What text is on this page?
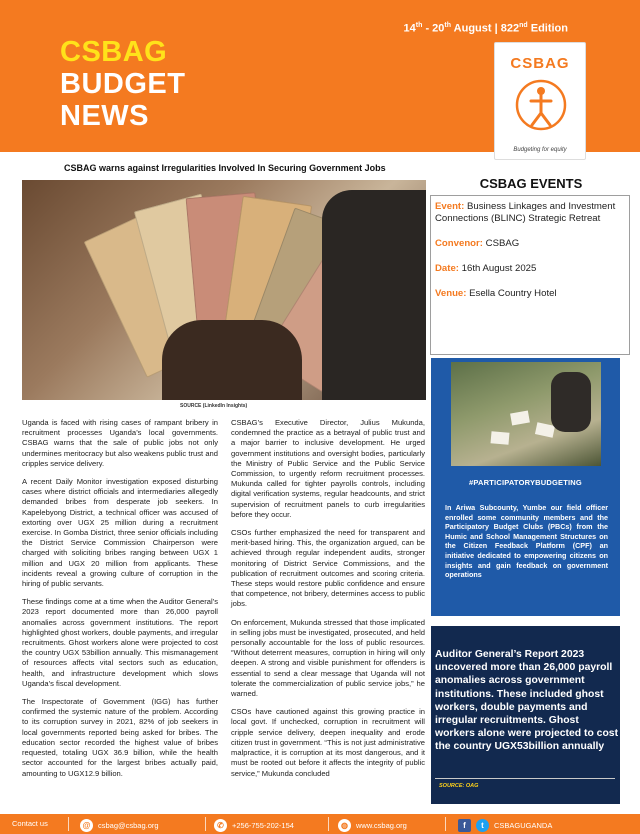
14th - 20th August | 822nd Edition
CSBAG
BUDGET
NEWS
CSBAG
Budgeting for equity
CSBAG warns against Irregularities Involved In Securing Government Jobs
SOURCE (LinkedIn Insights)

Uganda is faced with rising cases of rampant bribery in recruitment processes Uganda’s local governments. CSBAG warns that the sale of public jobs not only undermines meritocracy but also weakens public trust and cripples service delivery.

A recent Daily Monitor investigation exposed disturbing cases where district officials and intermediaries allegedly demanded bribes from desperate job seekers. In Kapelebyong District, a technical officer was accused of extorting over UGX 25 million during a recruitment exercise. In Gomba District, three senior officials including the District Service Commission Chairperson were charged with soliciting bribes ranging between UGX 1 million and UGX 20 million from applicants. These incidents reveal a growing culture of corruption in the hiring of public servants.

These findings come at a time when the Auditor General’s 2023 report documented more than 26,000 payroll anomalies across government institutions. The report highlighted ghost workers, double payments, and irregular recruitments. Ghost workers alone were projected to cost the country UGX 53billion annually. This mismanagement of resources affects vital sectors such as education, health, and infrastructure development which slows Uganda’s fiscal development.

The Inspectorate of Government (IGG) has further confirmed the systemic nature of the problem. According to its corruption survey in 2021, 82% of job seekers in local governments reported being asked for bribes. The education sector recorded the highest value of bribes requested, totaling UGX 36.9 billion, while the health sector accounted for the largest bribes actually paid, amounting to UGX12.9 billion.

CSBAG’s Executive Director, Julius Mukunda, condemned the practice as a betrayal of public trust and a major barrier to inclusive development. He urged government institutions and oversight bodies, particularly the Ministry of Public Service and the Public Service Commission, to urgently reform recruitment processes. Mukunda called for tighter payrolls controls, including digital verification systems, regular headcounts, and strict supervision of recruitment panels to curb irregularities before they occur.

CSOs further emphasized the need for transparent and merit-based hiring. This, the organization argued, can be achieved through regular independent audits, stronger monitoring of District Service Commissions, and the publication of recruitment outcomes and scoring criteria. These steps would restore public confidence and ensure that competence, not bribery, determines access to public jobs.

On enforcement, Mukunda stressed that those implicated in selling jobs must be investigated, prosecuted, and held personally accountable for the loss of public resources. “Without deterrent measures, corruption in hiring will only deepen. A strong and visible punishment for offenders is essential to send a clear message that Uganda will not tolerate the commercialization of public service jobs,” he warned.

CSOs have cautioned against this growing practice in local govt. If unchecked, corruption in recruitment will cripple service delivery, deepen inequality and erode citizen trust in government. “This is not just administrative malpractice, it is corruption at its most dangerous, and it must be rooted out before it affects the integrity of public service,” Mukunda concluded

CSBAG EVENTS
Event: Business Linkages and Investment Connections (BLINC) Strategic Retreat
Convenor: CSBAG
Date: 16th August 2025
Venue: Esella Country Hotel
#PARTICIPATORYBUDGETING
In Ariwa Subcounty, Yumbe our field officer enrolled some community members and the Participatory Budget Clubs (PBCs) from the Humic and School Management Structures on the Citizen Feedback Platform (CPF) an initiative dedicated to empowering citizens on insights and gain feedback on government operations
Auditor General’s Report 2023 uncovered more than 26,000 payroll anomalies across government institutions. These included ghost workers, double payments and irregular recruitments. Ghost workers alone were projected to cost the country UGX53billion annually
SOURCE: OAG
Contact us	@	csbag@csbag.org	✆	+256-755-202-154	◍	www.csbag.org	f	t	CSBAGUGANDA
